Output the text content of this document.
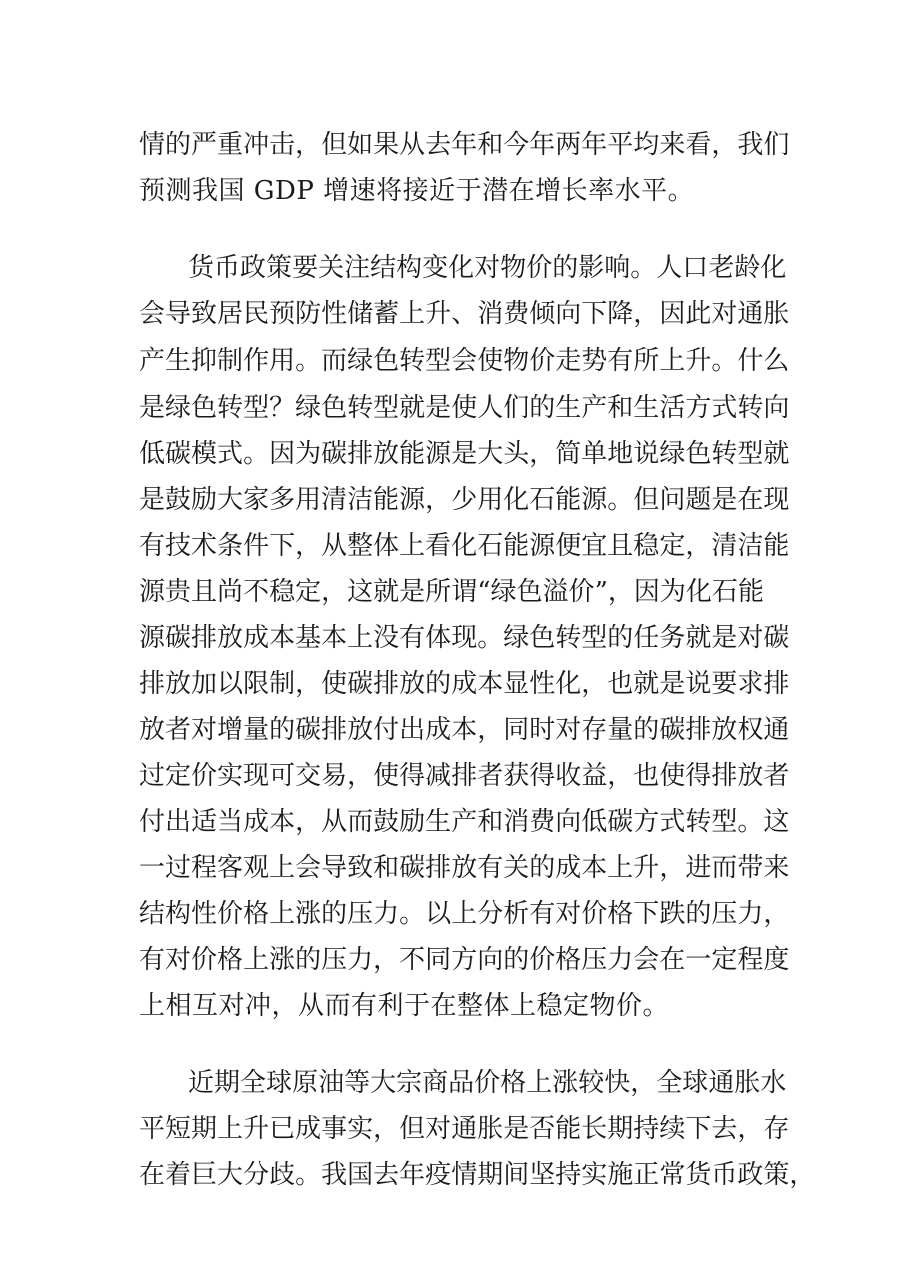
情 的 严 重 冲 击 ， 但 如 果 从 去 年 和 今 年 两 年 平 均 来 看 ， 我 们
预测我国 GDP 增速将接近于潜在增长率水平。
货 币 政 策 要 关 注 结 构 变 化 对 物 价 的 影 响 。 人 口 老 龄 化
会 导 致 居 民 预 防 性 储 蓄 上 升 、 消 费 倾 向 下 降 ， 因 此 对 通 胀
产 生 抑 制 作 用 。 而 绿 色 转 型 会 使 物 价 走 势 有 所 上 升 。 什 么
是 绿 色 转 型 ？ 绿 色 转 型 就 是 使 人 们 的 生 产 和 生 活 方 式 转 向
低 碳 模 式 。 因 为 碳 排 放 能 源 是 大 头 ， 简 单 地 说 绿 色 转 型 就
是 鼓 励 大 家 多 用 清 洁 能 源 ， 少 用 化 石 能 源 。 但 问 题 是 在 现
有 技 术 条 件 下 ， 从 整 体 上 看 化 石 能 源 便 宜 且 稳 定 ， 清 洁 能
源 贵 且 尚 不 稳 定 ， 这 就 是 所 谓 “ 绿 色 溢 价 ” ， 因 为 化 石 能
源 碳 排 放 成 本 基 本 上 没 有 体 现 。 绿 色 转 型 的 任 务 就 是 对 碳
排 放 加 以 限 制 ， 使 碳 排 放 的 成 本 显 性 化 ， 也 就 是 说 要 求 排
放 者 对 增 量 的 碳 排 放 付 出 成 本 ， 同 时 对 存 量 的 碳 排 放 权 通
过 定 价 实 现 可 交 易 ， 使 得 减 排 者 获 得 收 益 ， 也 使 得 排 放 者
付 出 适 当 成 本 ， 从 而 鼓 励 生 产 和 消 费 向 低 碳 方 式 转 型 。 这
一 过 程 客 观 上 会 导 致 和 碳 排 放 有 关 的 成 本 上 升 ， 进 而 带 来
结 构 性 价 格 上 涨 的 压 力 。 以 上 分 析 有 对 价 格 下 跌 的 压 力 ，
有 对 价 格 上 涨 的 压 力 ， 不 同 方 向 的 价 格 压 力 会 在 一 定 程 度
上相互对冲，从而有利于在整体上稳定物价。
近 期 全 球 原 油 等 大 宗 商 品 价 格 上 涨 较 快 ， 全 球 通 胀 水
平 短 期 上 升 已 成 事 实 ， 但 对 通 胀 是 否 能 长 期 持 续 下 去 ， 存
在 着 巨 大 分 歧 。 我 国 去 年 疫 情 期 间 坚 持 实 施 正 常 货 币 政 策 ，
